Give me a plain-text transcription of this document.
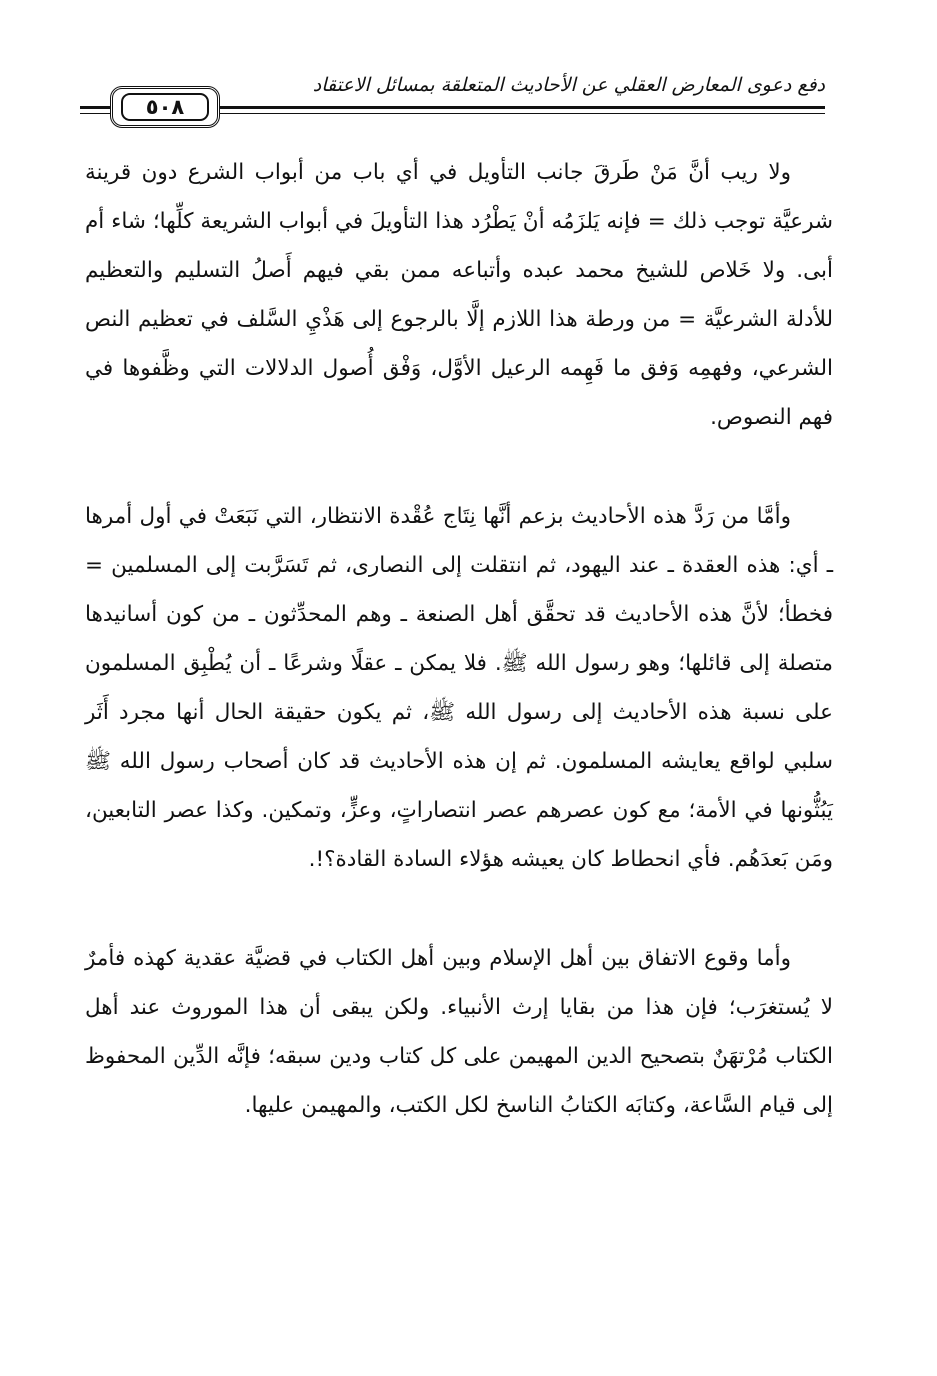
دفع دعوى المعارض العقلي عن الأحاديث المتعلقة بمسائل الاعتقاد
٥٠٨

ولا ريب أنَّ مَنْ طَرقَ جانب التأويل في أي باب من أبواب الشرع دون قرينة شرعيَّة توجب ذلك = فإنه يَلزَمُه أنْ يَطْرُد هذا التأويلَ في أبواب الشريعة كلِّها؛ شاء أم أبى. ولا خَلاص للشيخ محمد عبده وأتباعه ممن بقي فيهم أَصلُ التسليم والتعظيم للأدلة الشرعيَّة = من ورطة هذا اللازم إلَّا بالرجوع إلى هَذْيِ السَّلف في تعظيم النص الشرعي، وفهمِه وَفق ما فَهِمه الرعيل الأوَّل، وَفْق أُصول الدلالات التي وظَّفوها في فهم النصوص.

وأمَّا من رَدَّ هذه الأحاديث بزعم أنَّها نِتَاج عُقْدة الانتظار، التي نَبَعَتْ في أول أمرها ـ أي: هذه العقدة ـ عند اليهود، ثم انتقلت إلى النصارى، ثم تَسَرَّبت إلى المسلمين = فخطأ؛ لأنَّ هذه الأحاديث قد تحقَّق أهل الصنعة ـ وهم المحدِّثون ـ من كون أسانيدها متصلة إلى قائلها؛ وهو رسول الله ﷺ. فلا يمكن ـ عقلًا وشرعًا ـ أن يُطْبِق المسلمون على نسبة هذه الأحاديث إلى رسول الله ﷺ، ثم يكون حقيقة الحال أنها مجرد أَثَر سلبي لواقع يعايشه المسلمون. ثم إن هذه الأحاديث قد كان أصحاب رسول الله ﷺ يَبُثُّونها في الأمة؛ مع كون عصرهم عصر انتصاراتٍ، وعزٍّ، وتمكين. وكذا عصر التابعين، ومَن بَعدَهُم. فأي انحطاط كان يعيشه هؤلاء السادة القادة؟!.

وأما وقوع الاتفاق بين أهل الإسلام وبين أهل الكتاب في قضيَّة عقدية كهذه فأمرٌ لا يُستغرَب؛ فإن هذا من بقايا إرث الأنبياء. ولكن يبقى أن هذا الموروث عند أهل الكتاب مُرْتهَنٌ بتصحيح الدين المهيمن على كل كتاب ودين سبقه؛ فإنَّه الدِّين المحفوظ إلى قيام السَّاعة، وكتابَه الكتابُ الناسخ لكل الكتب، والمهيمن عليها.
